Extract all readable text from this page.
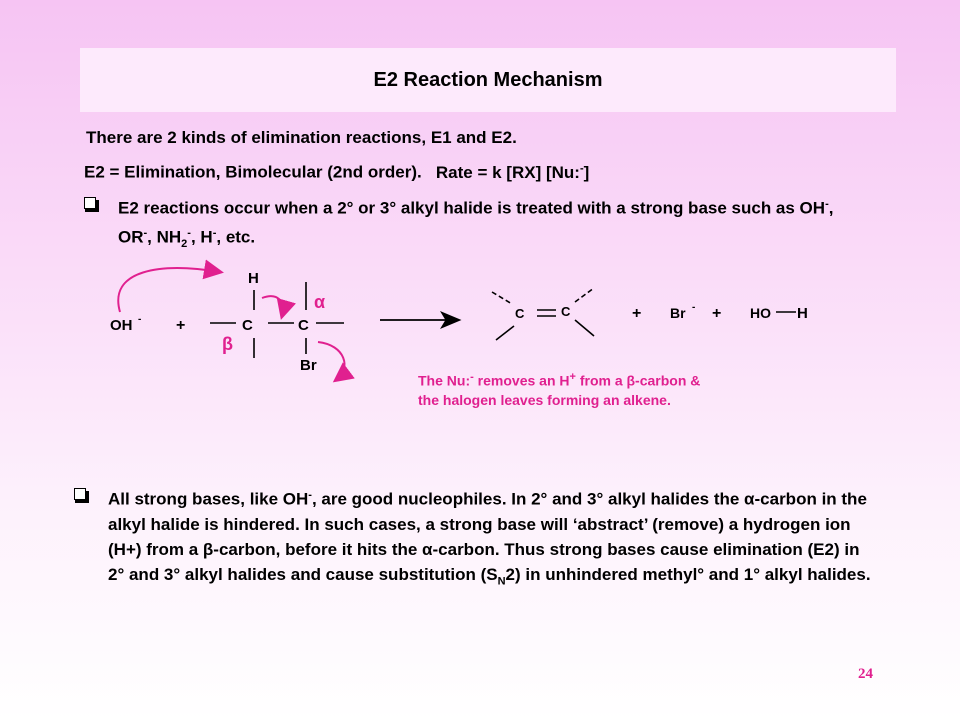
E2 Reaction Mechanism
There are 2 kinds of elimination reactions, E1 and E2.
E2 = Elimination, Bimolecular (2nd order). Rate = k [RX] [Nu:-]
E2 reactions occur when a 2° or 3° alkyl halide is treated with a strong base such as OH-, OR-, $NH_2^-$, H-, etc.
OH - +	C
H
β
C
α
Br
C	C	+ Br - + HO H
The Nu:- removes an H+ from a β-carbon &
the halogen leaves forming an alkene.
All strong bases, like OH-, are good nucleophiles. In 2° and 3° alkyl halides the α-carbon in the alkyl halide is hindered. In such cases, a strong base will ‘abstract’ (remove) a hydrogen ion (H+) from a β-carbon, before it hits the α-carbon. Thus strong bases cause elimination (E2) in 2° and 3° alkyl halides and cause substitution $(S_N2)$ in unhindered methyl° and 1° alkyl halides.
24
